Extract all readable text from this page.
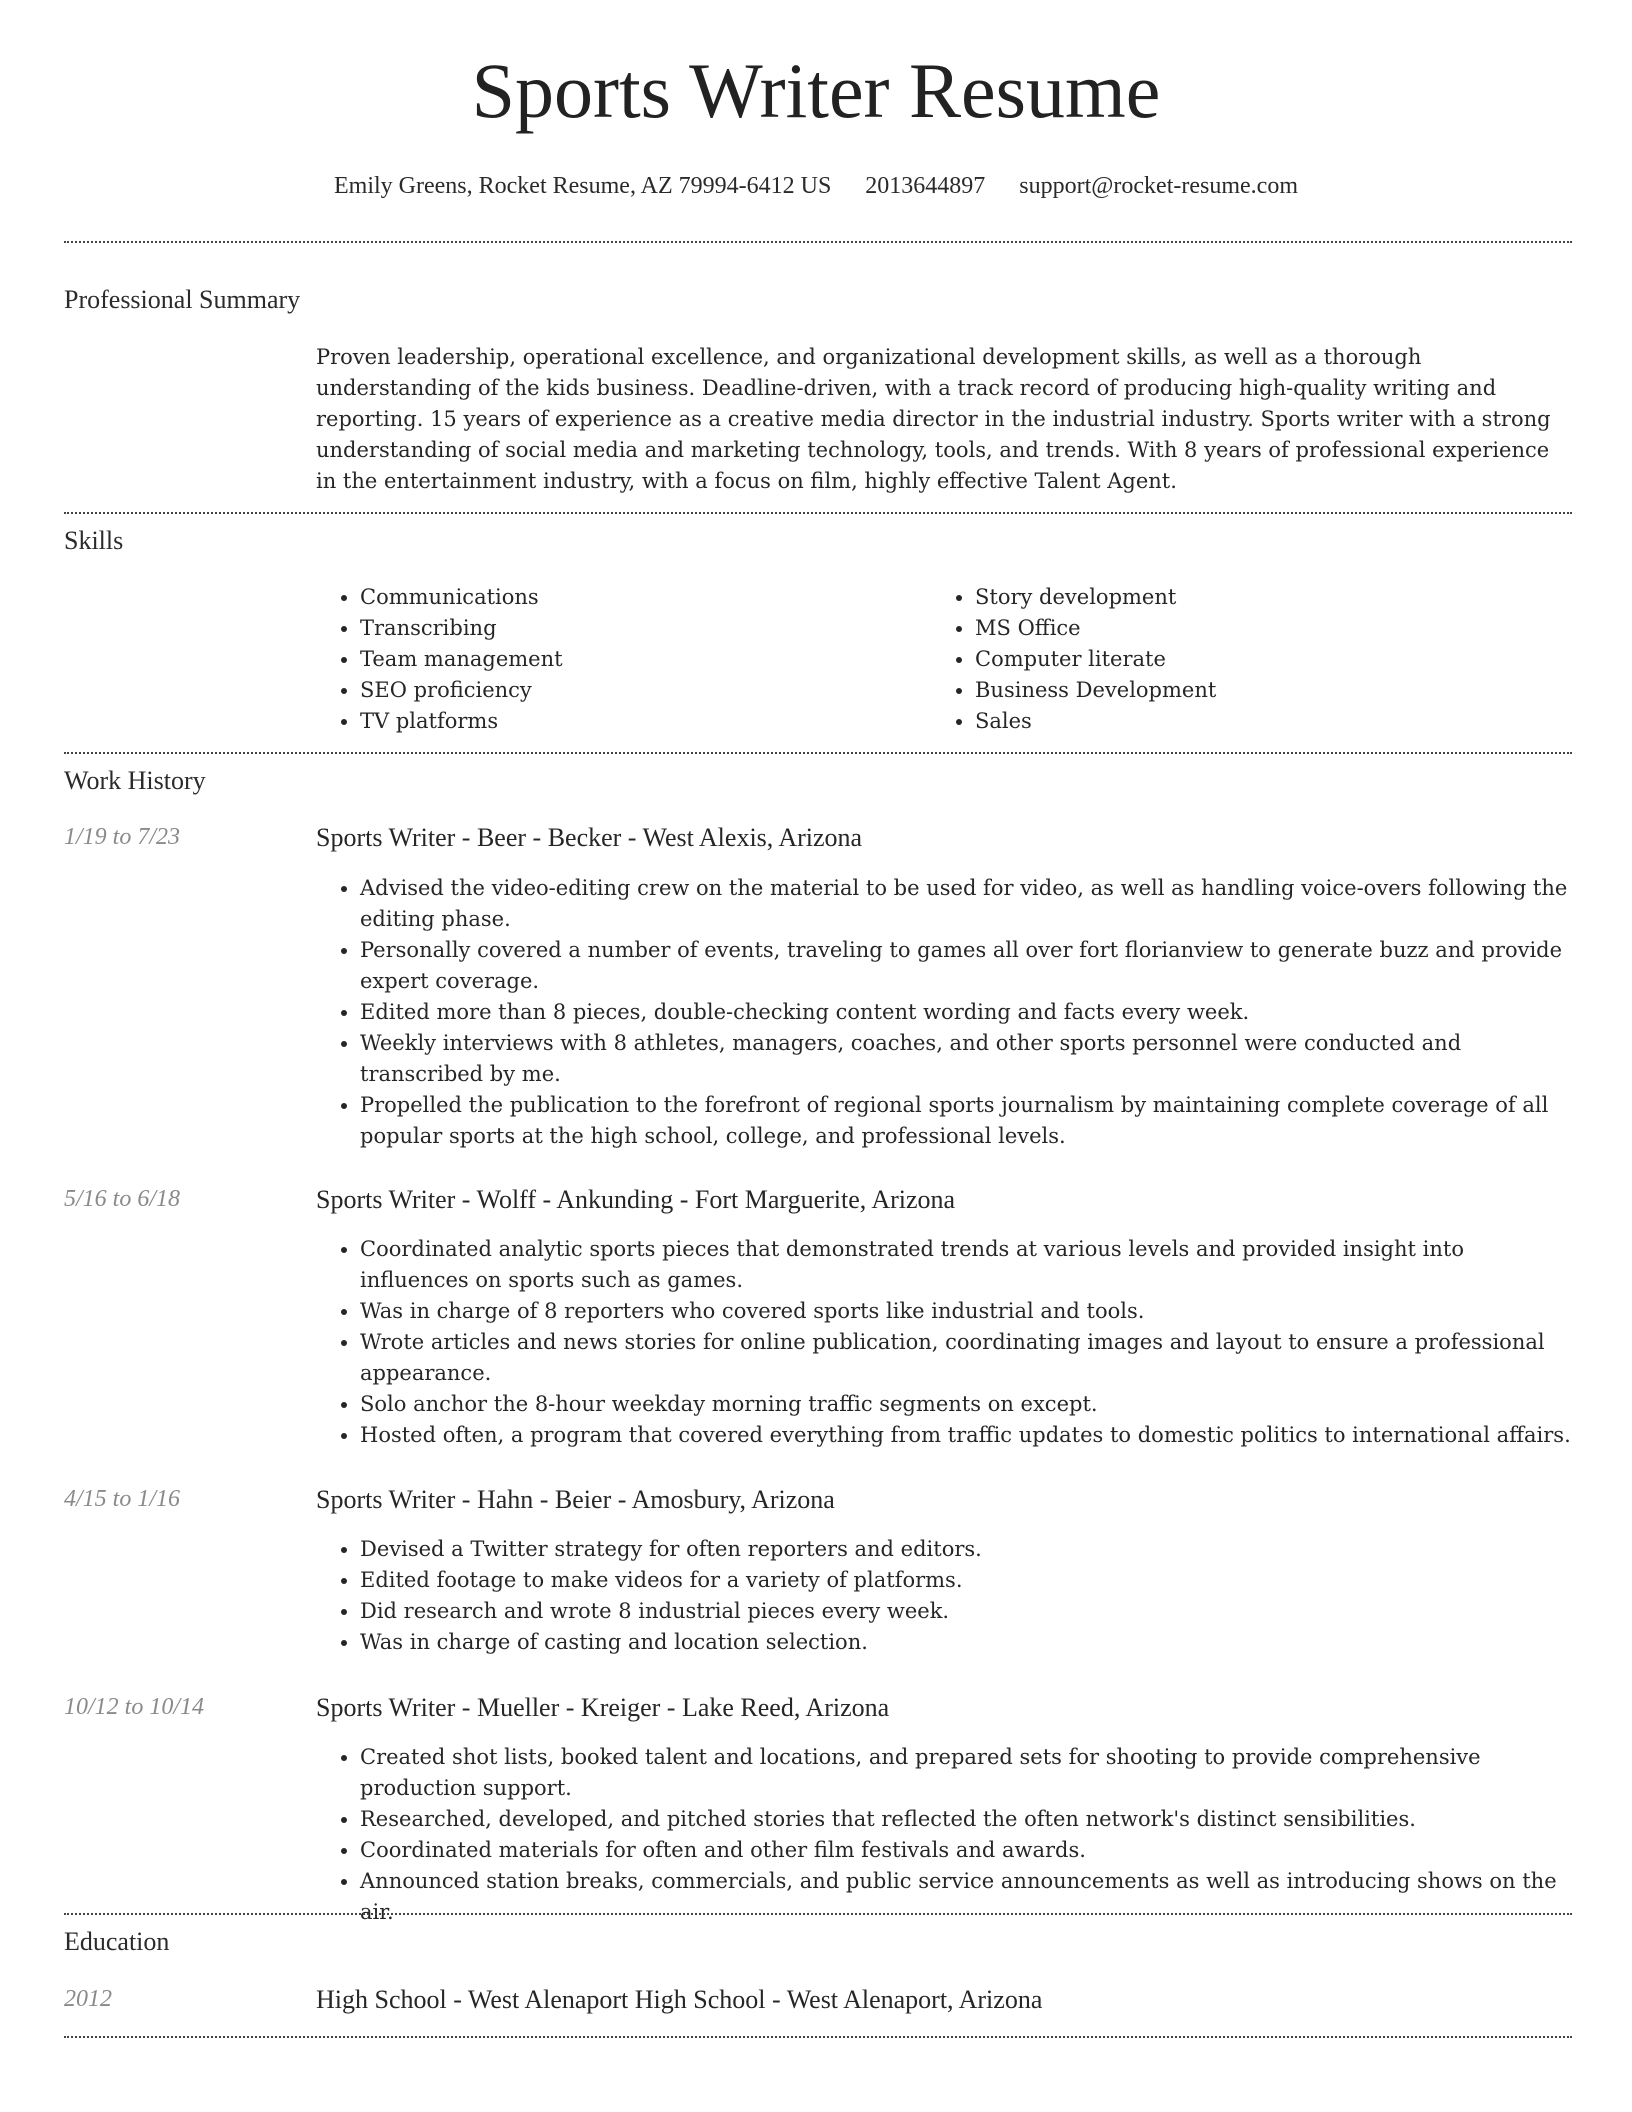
Sports Writer Resume
Emily Greens, Rocket Resume, AZ 79994-6412 US 2013644897 support@rocket-resume.com
Professional Summary
Proven leadership, operational excellence, and organizational development skills, as well as a thorough understanding of the kids business. Deadline-driven, with a track record of producing high-quality writing and reporting. 15 years of experience as a creative media director in the industrial industry. Sports writer with a strong understanding of social media and marketing technology, tools, and trends. With 8 years of professional experience in the entertainment industry, with a focus on film, highly effective Talent Agent.
Skills
• Communications
• Transcribing
• Team management
• SEO proficiency
• TV platforms
• Story development
• MS Office
• Computer literate
• Business Development
• Sales
Work History
1/19 to 7/23	Sports Writer - Beer - Becker - West Alexis, Arizona
• Advised the video-editing crew on the material to be used for video, as well as handling voice-overs following the editing phase.
• Personally covered a number of events, traveling to games all over fort florianview to generate buzz and provide expert coverage.
• Edited more than 8 pieces, double-checking content wording and facts every week.
• Weekly interviews with 8 athletes, managers, coaches, and other sports personnel were conducted and transcribed by me.
• Propelled the publication to the forefront of regional sports journalism by maintaining complete coverage of all popular sports at the high school, college, and professional levels.
5/16 to 6/18	Sports Writer - Wolff - Ankunding - Fort Marguerite, Arizona
• Coordinated analytic sports pieces that demonstrated trends at various levels and provided insight into influences on sports such as games.
• Was in charge of 8 reporters who covered sports like industrial and tools.
• Wrote articles and news stories for online publication, coordinating images and layout to ensure a professional appearance.
• Solo anchor the 8-hour weekday morning traffic segments on except.
• Hosted often, a program that covered everything from traffic updates to domestic politics to international affairs.
4/15 to 1/16	Sports Writer - Hahn - Beier - Amosbury, Arizona
• Devised a Twitter strategy for often reporters and editors.
• Edited footage to make videos for a variety of platforms.
• Did research and wrote 8 industrial pieces every week.
• Was in charge of casting and location selection.
10/12 to 10/14	Sports Writer - Mueller - Kreiger - Lake Reed, Arizona
• Created shot lists, booked talent and locations, and prepared sets for shooting to provide comprehensive production support.
• Researched, developed, and pitched stories that reflected the often network's distinct sensibilities.
• Coordinated materials for often and other film festivals and awards.
• Announced station breaks, commercials, and public service announcements as well as introducing shows on the air.
Education
2012	High School - West Alenaport High School - West Alenaport, Arizona
